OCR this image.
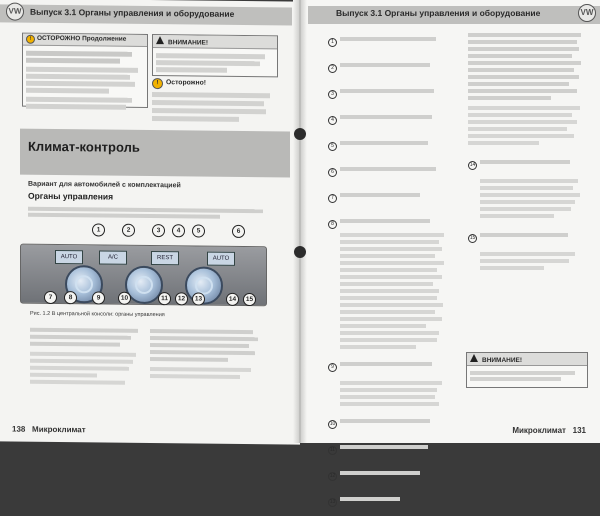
Выпуск 3.1 Органы управления и оборудование
VW
! ОСТОРОЖНО Продолжение
ВНИМАНИЕ!
! Осторожно!
Климат-контроль
Вариант для автомобилей с комплектацией
Органы управления
AUTO	A/C	REST	AUTO
1	2	3	4	5	6
7	8	9	10	11	12	13	14	15
Рис. 1.2 В центральной консоли: органы управления
138 Микроклимат
Выпуск 3.1 Органы управления и оборудование	VW
1
2
3
4
5
6
7
8
9
10
11
12
13
14
15
ВНИМАНИЕ!
Микроклимат 131
